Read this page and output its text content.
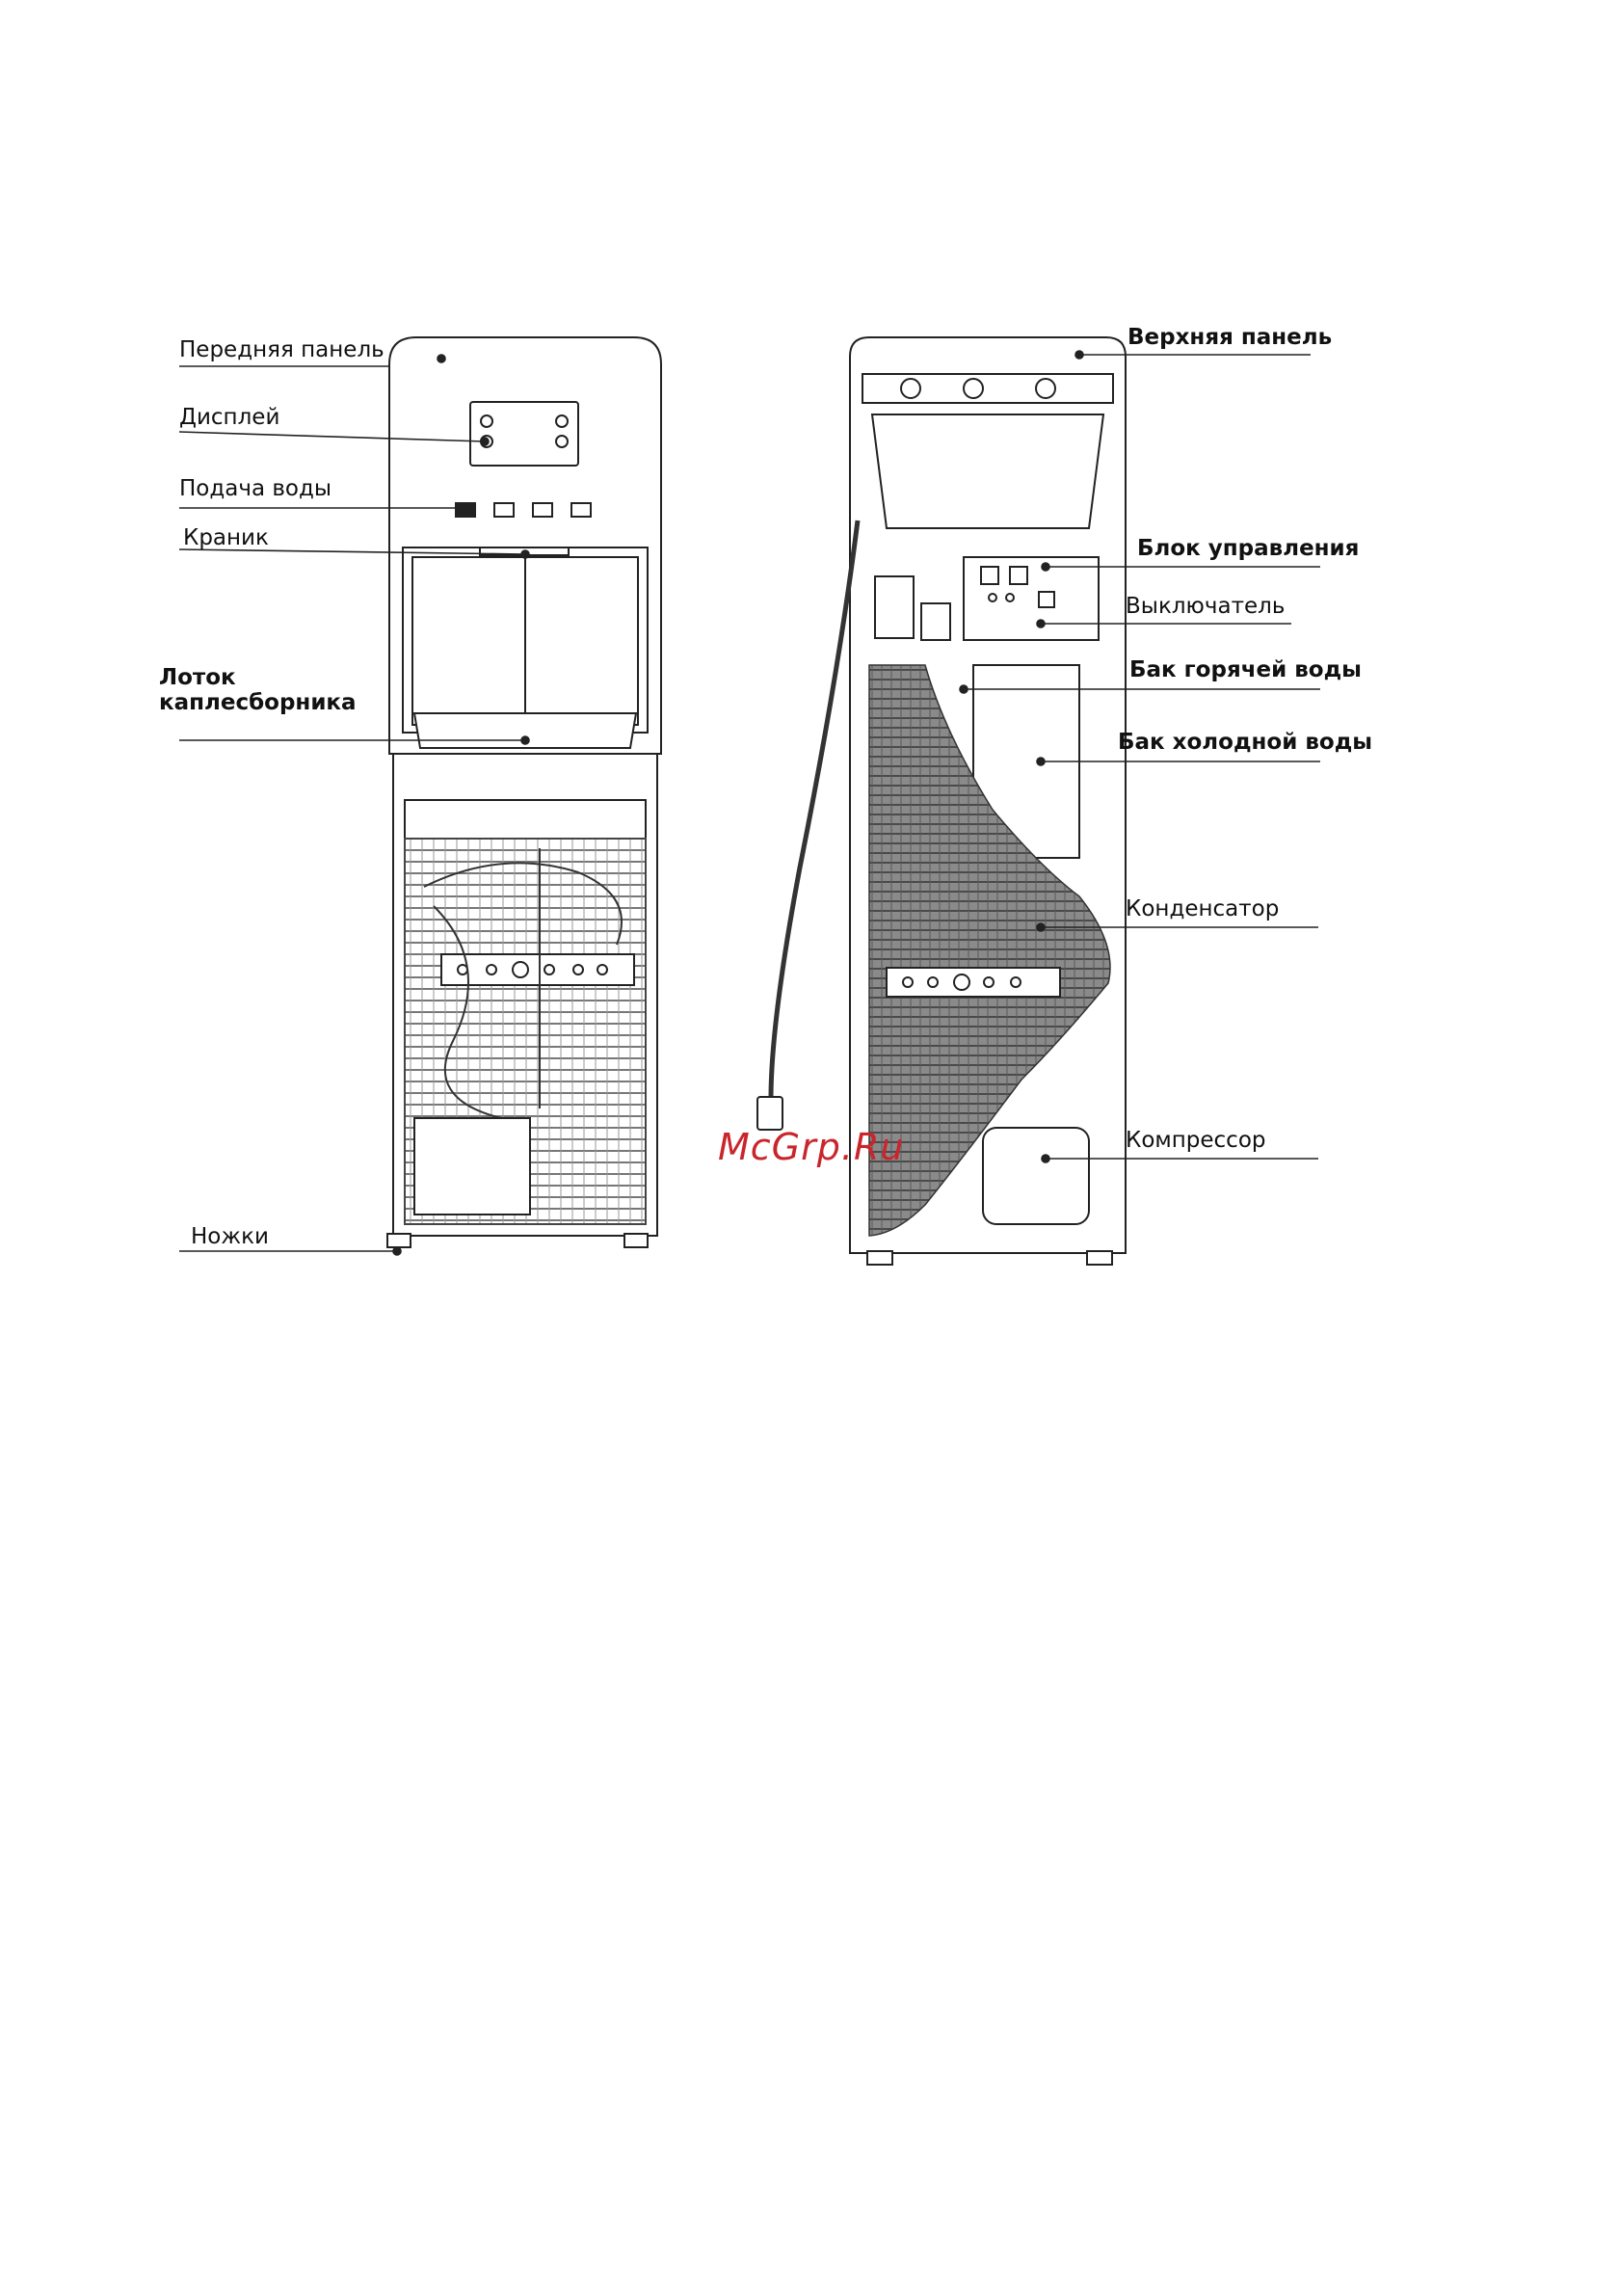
Передняя панель
Дисплей
Подача воды
Краник
Лоток каплесборника
Ножки
Верхняя панель
Блок управления
Выключатель
Бак горячей воды
Бак холодной воды
Конденсатор
Компрессор
McGrp.Ru
